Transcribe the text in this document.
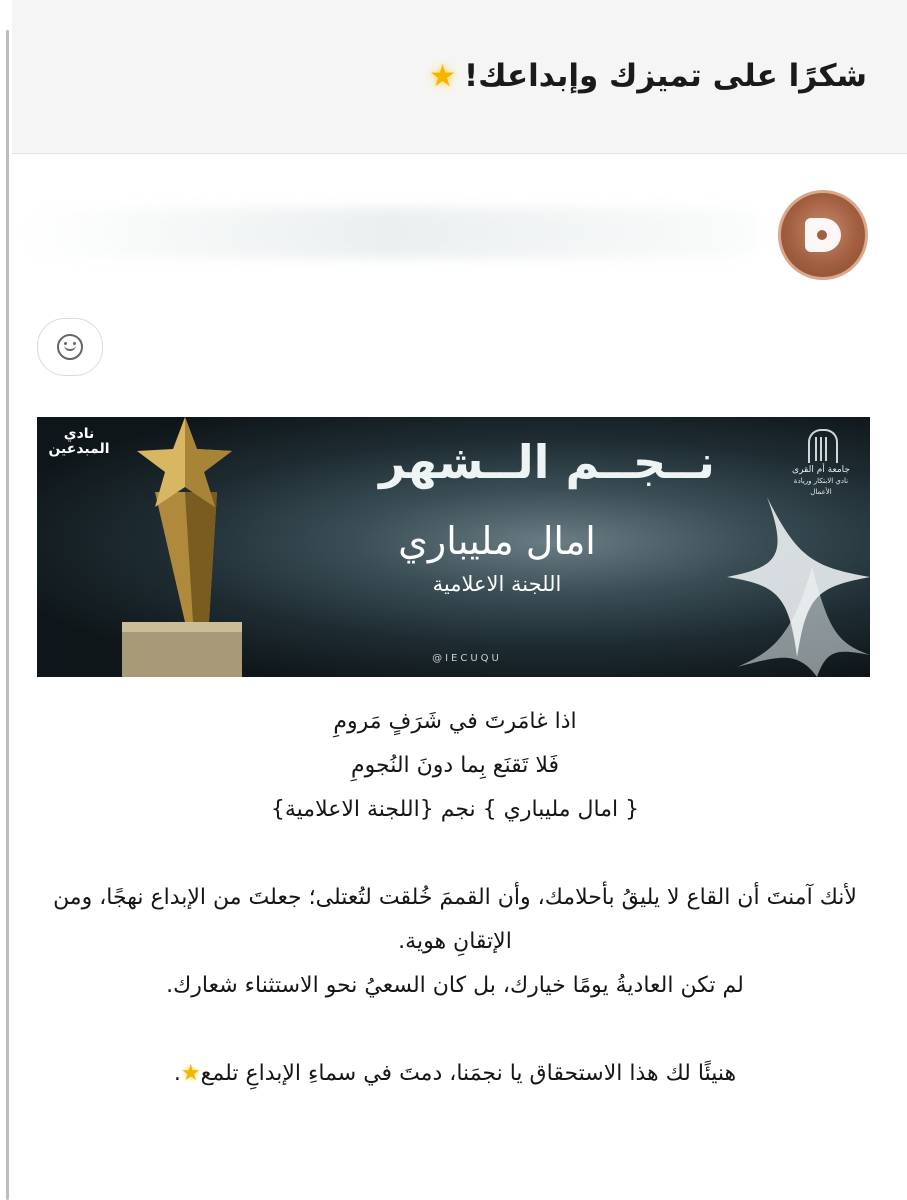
شكرًا على تميزك وإبداعك!
★
نادي المبدعين
جامعة أم القرى
نادي الابتكار وريادة الأعمال
نــجــم الــشهر
امال مليباري
اللجنة الاعلامية
@IECUQU

اذا غامَرتَ في شَرَفٍ مَرومِ

فَلا تَقنَع بِما دونَ النُجومِ

{ امال مليباري } نجم {اللجنة الاعلامية}

لأنك آمنتَ أن القاع لا يليقُ بأحلامك، وأن القممَ خُلقت لتُعتلى؛ جعلتَ من الإبداع نهجًا، ومن الإتقانِ هوية.

لم تكن العاديةُ يومًا خيارك، بل كان السعيُ نحو الاستثناء شعارك.

هنيئًا لك هذا الاستحقاق يا نجمَنا، دمتَ في سماءِ الإبداعِ تلمع★.
